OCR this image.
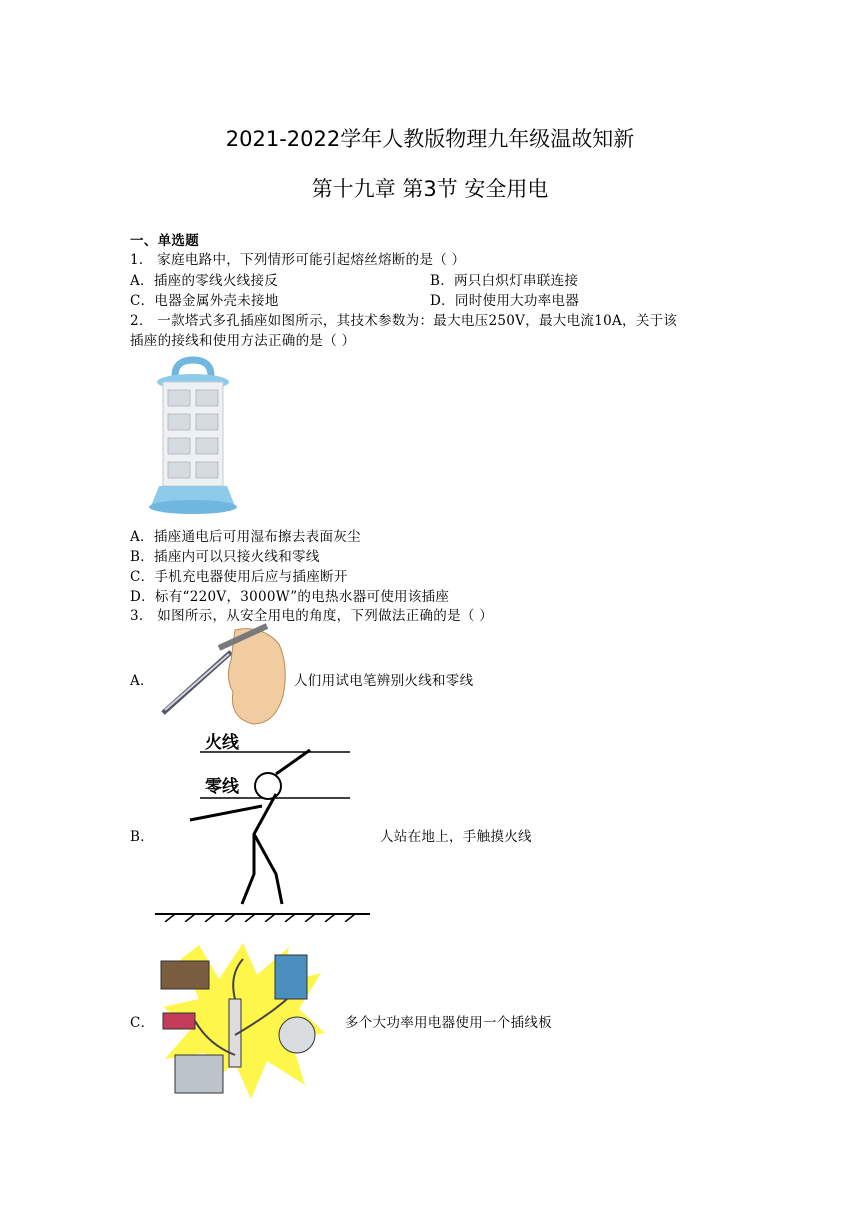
2021-2022学年人教版物理九年级温故知新
第十九章 第3节 安全用电
一、单选题
1． 家庭电路中，下列情形可能引起熔丝熔断的是（ ）
A．插座的零线火线接反	B．两只白炽灯串联连接
C．电器金属外壳未接地	D．同时使用大功率电器
2． 一款塔式多孔插座如图所示，其技术参数为：最大电压250V，最大电流10A，关于该
插座的接线和使用方法正确的是（ ）
A．插座通电后可用湿布擦去表面灰尘
B．插座内可以只接火线和零线
C．手机充电器使用后应与插座断开
D．标有“220V，3000W”的电热水器可使用该插座
3． 如图所示，从安全用电的角度，下列做法正确的是（ ）
A．	人们用试电笔辨别火线和零线
火线
零线
B．	人站在地上，手触摸火线
C．	多个大功率用电器使用一个插线板
